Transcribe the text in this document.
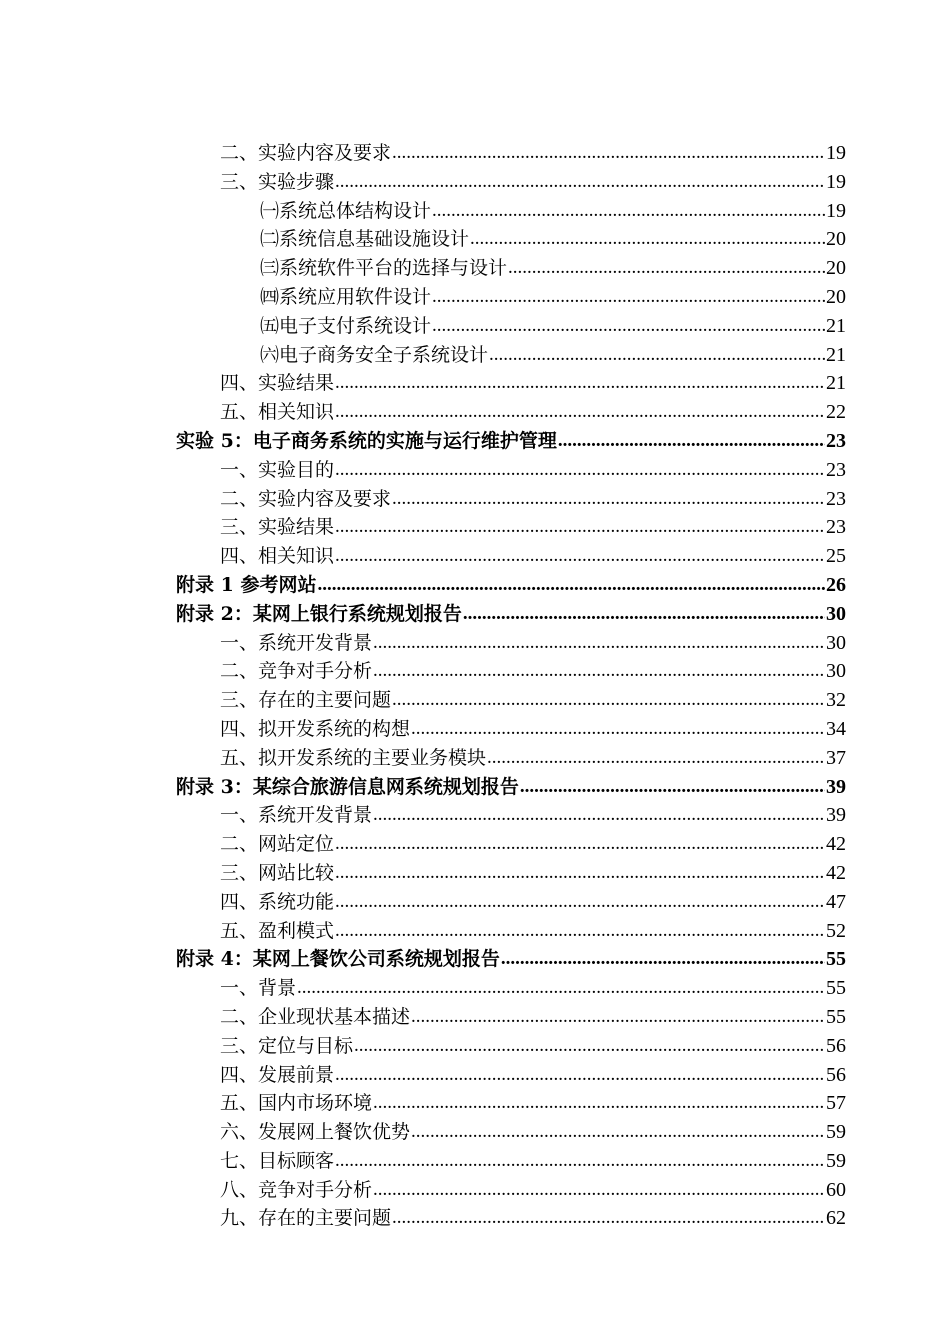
二、实验内容及要求 .....	19
三、实验步骤 .....	19
㈠系统总体结构设计 .....	19
㈡系统信息基础设施设计 .....	20
㈢系统软件平台的选择与设计 .....	20
㈣系统应用软件设计 .....	20
㈤电子支付系统设计 .....	21
㈥电子商务安全子系统设计 .....	21
四、实验结果 .....	21
五、相关知识 .....	22
实验 5：电子商务系统的实施与运行维护管理 .....	23
一、实验目的 .....	23
二、实验内容及要求 .....	23
三、实验结果 .....	23
四、相关知识 .....	25
附录 1 参考网站 .....	26
附录 2：某网上银行系统规划报告 .....	30
一、系统开发背景 .....	30
二、竞争对手分析 .....	30
三、存在的主要问题 .....	32
四、拟开发系统的构想 .....	34
五、拟开发系统的主要业务模块 .....	37
附录 3：某综合旅游信息网系统规划报告 .....	39
一、系统开发背景 .....	39
二、网站定位 .....	42
三、网站比较 .....	42
四、系统功能 .....	47
五、盈利模式 .....	52
附录 4：某网上餐饮公司系统规划报告 .....	55
一、背景 .....	55
二、企业现状基本描述 .....	55
三、定位与目标 .....	56
四、发展前景 .....	56
五、国内市场环境 .....	57
六、发展网上餐饮优势 .....	59
七、目标顾客 .....	59
八、竞争对手分析 .....	60
九、存在的主要问题 .....	62
